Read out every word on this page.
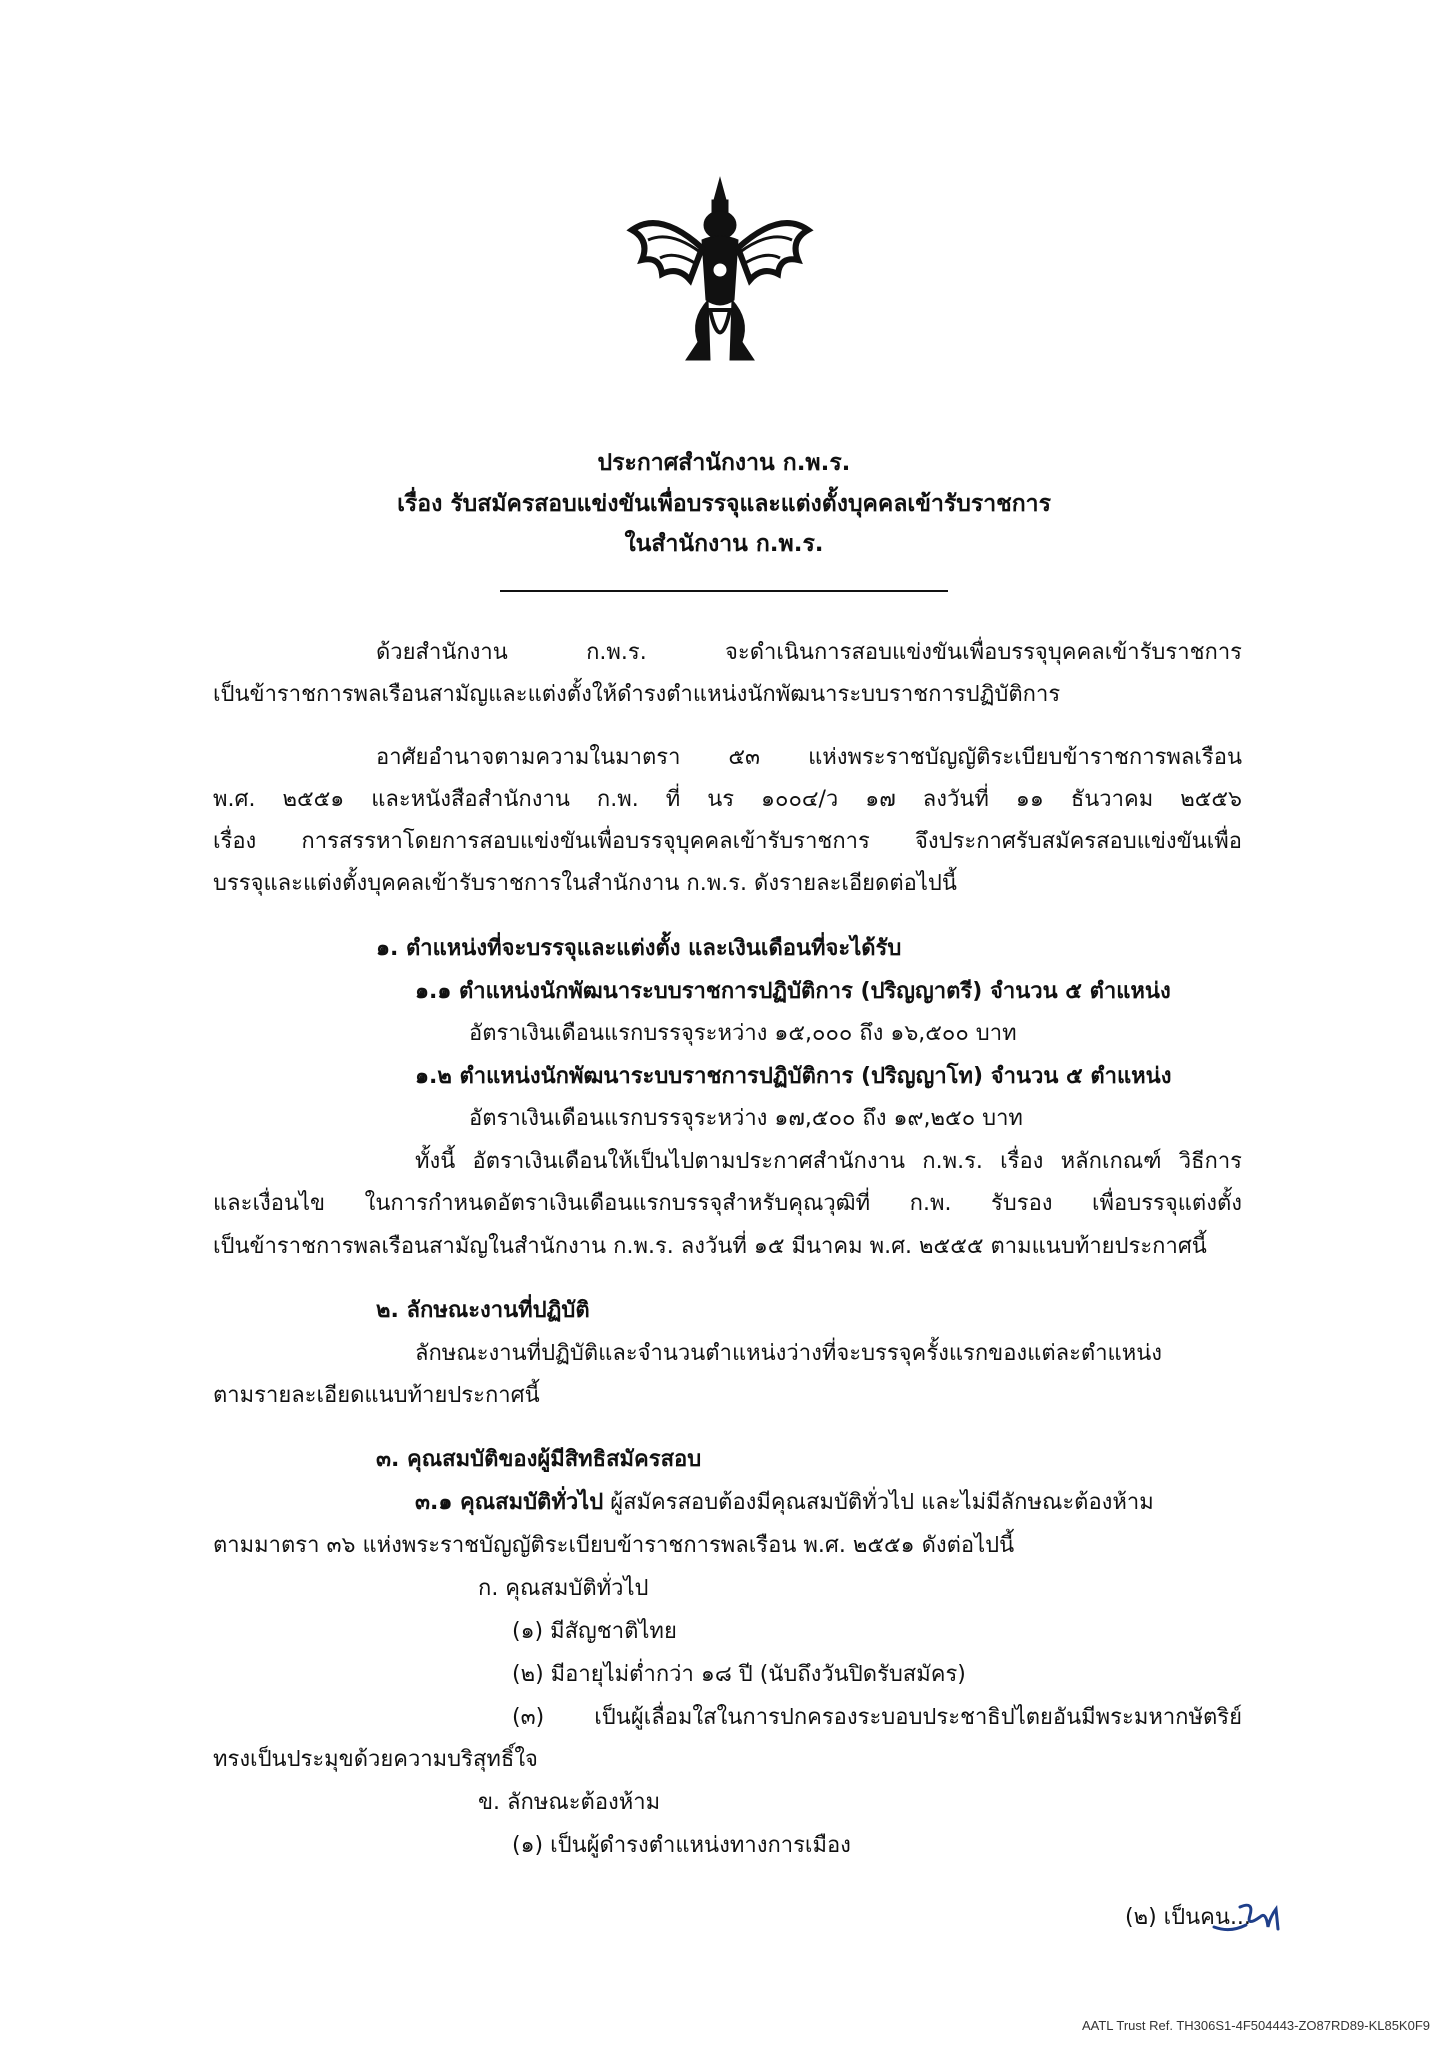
ประกาศสำนักงาน ก.พ.ร.
เรื่อง รับสมัครสอบแข่งขันเพื่อบรรจุและแต่งตั้งบุคคลเข้ารับราชการ
ในสำนักงาน ก.พ.ร.
ด้วยสำนักงาน ก.พ.ร. จะดำเนินการสอบแข่งขันเพื่อบรรจุบุคคลเข้ารับราชการ
เป็นข้าราชการพลเรือนสามัญและแต่งตั้งให้ดำรงตำแหน่งนักพัฒนาระบบราชการปฏิบัติการ
อาศัยอำนาจตามความในมาตรา ๕๓ แห่งพระราชบัญญัติระเบียบข้าราชการพลเรือน
พ.ศ. ๒๕๕๑ และหนังสือสำนักงาน ก.พ. ที่ นร ๑๐๐๔/ว ๑๗ ลงวันที่ ๑๑ ธันวาคม ๒๕๕๖
เรื่อง การสรรหาโดยการสอบแข่งขันเพื่อบรรจุบุคคลเข้ารับราชการ จึงประกาศรับสมัครสอบแข่งขันเพื่อ
บรรจุและแต่งตั้งบุคคลเข้ารับราชการในสำนักงาน ก.พ.ร. ดังรายละเอียดต่อไปนี้
๑. ตำแหน่งที่จะบรรจุและแต่งตั้ง และเงินเดือนที่จะได้รับ
๑.๑ ตำแหน่งนักพัฒนาระบบราชการปฏิบัติการ (ปริญญาตรี) จำนวน ๕ ตำแหน่ง
อัตราเงินเดือนแรกบรรจุระหว่าง ๑๕,๐๐๐ ถึง ๑๖,๕๐๐ บาท
๑.๒ ตำแหน่งนักพัฒนาระบบราชการปฏิบัติการ (ปริญญาโท) จำนวน ๕ ตำแหน่ง
อัตราเงินเดือนแรกบรรจุระหว่าง ๑๗,๕๐๐ ถึง ๑๙,๒๕๐ บาท
ทั้งนี้ อัตราเงินเดือนให้เป็นไปตามประกาศสำนักงาน ก.พ.ร. เรื่อง หลักเกณฑ์ วิธีการ
และเงื่อนไข ในการกำหนดอัตราเงินเดือนแรกบรรจุสำหรับคุณวุฒิที่ ก.พ. รับรอง เพื่อบรรจุแต่งตั้ง
เป็นข้าราชการพลเรือนสามัญในสำนักงาน ก.พ.ร. ลงวันที่ ๑๕ มีนาคม พ.ศ. ๒๕๕๕ ตามแนบท้ายประกาศนี้
๒. ลักษณะงานที่ปฏิบัติ
ลักษณะงานที่ปฏิบัติและจำนวนตำแหน่งว่างที่จะบรรจุครั้งแรกของแต่ละตำแหน่ง
ตามรายละเอียดแนบท้ายประกาศนี้
๓. คุณสมบัติของผู้มีสิทธิสมัครสอบ
๓.๑ คุณสมบัติทั่วไป ผู้สมัครสอบต้องมีคุณสมบัติทั่วไป และไม่มีลักษณะต้องห้าม
ตามมาตรา ๓๖ แห่งพระราชบัญญัติระเบียบข้าราชการพลเรือน พ.ศ. ๒๕๕๑ ดังต่อไปนี้
ก. คุณสมบัติทั่วไป
(๑) มีสัญชาติไทย
(๒) มีอายุไม่ต่ำกว่า ๑๘ ปี (นับถึงวันปิดรับสมัคร)
(๓) เป็นผู้เลื่อมใสในการปกครองระบอบประชาธิปไตยอันมีพระมหากษัตริย์
ทรงเป็นประมุขด้วยความบริสุทธิ์ใจ
ข. ลักษณะต้องห้าม
(๑) เป็นผู้ดำรงตำแหน่งทางการเมือง
(๒) เป็นคน...
AATL Trust Ref. TH306S1-4F504443-ZO87RD89-KL85K0F9
